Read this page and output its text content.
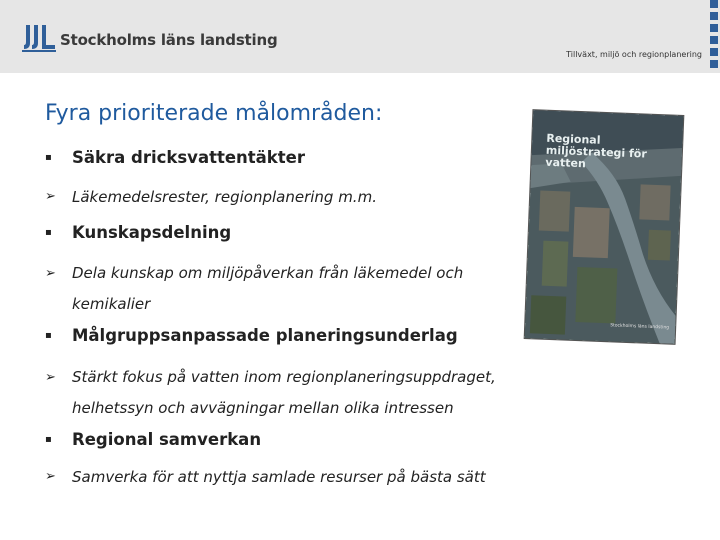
Stockholms läns landsting
Tillväxt, miljö och regionplanering
Fyra prioriterade målområden:
▪	Säkra dricksvattentäkter
➢	Läkemedelsrester, regionplanering m.m.
▪	Kunskapsdelning
➢	Dela kunskap om miljöpåverkan från läkemedel och kemikalier
▪	Målgruppsanpassade planeringsunderlag
➢	Stärkt fokus på vatten inom regionplaneringsuppdraget, helhetssyn och avvägningar mellan olika intressen
▪	Regional samverkan
➢	Samverka för att nyttja samlade resurser på bästa sätt
Regional miljöstrategi för vatten
Stockholms läns landsting
